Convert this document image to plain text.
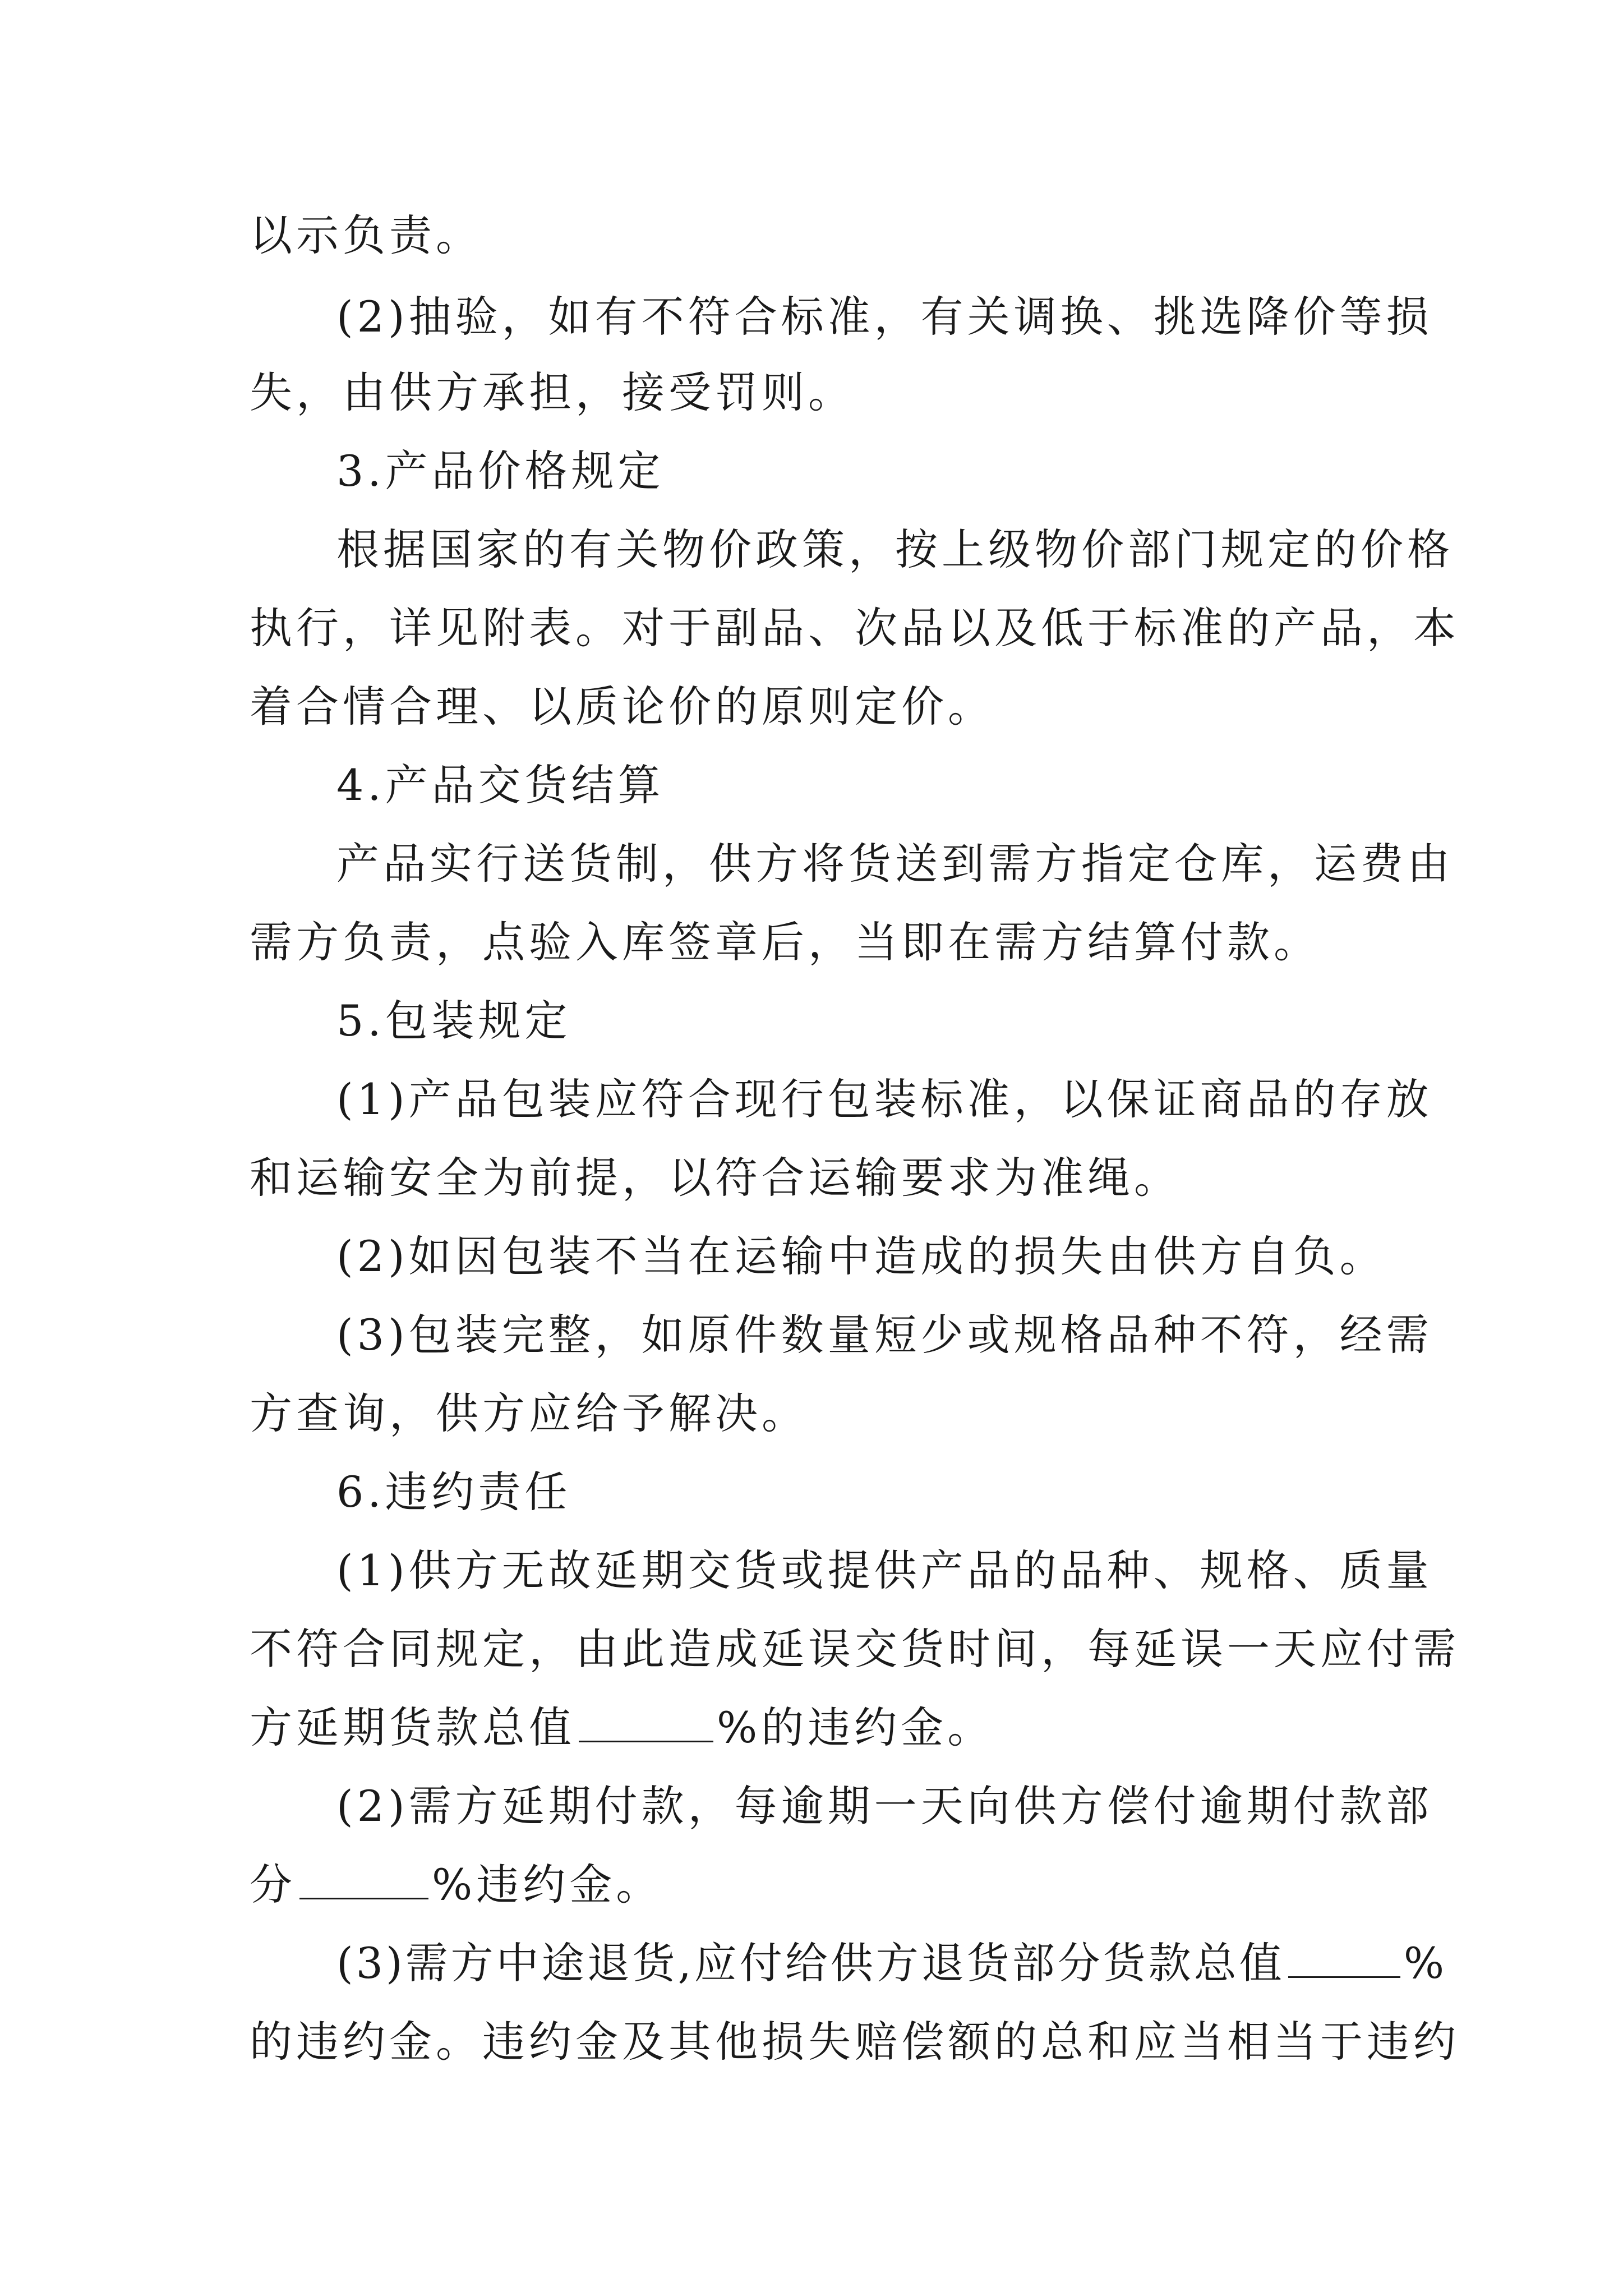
以示负责。
(2)抽验，如有不符合标准，有关调换、挑选降价等损
失，由供方承担，接受罚则。
3.产品价格规定
根据国家的有关物价政策，按上级物价部门规定的价格
执行，详见附表。对于副品、次品以及低于标准的产品，本
着合情合理、以质论价的原则定价。
4.产品交货结算
产品实行送货制，供方将货送到需方指定仓库，运费由
需方负责，点验入库签章后，当即在需方结算付款。
5.包装规定
(1)产品包装应符合现行包装标准，以保证商品的存放
和运输安全为前提，以符合运输要求为准绳。
(2)如因包装不当在运输中造成的损失由供方自负。
(3)包装完整，如原件数量短少或规格品种不符，经需
方查询，供方应给予解决。
6.违约责任
(1)供方无故延期交货或提供产品的品种、规格、质量
不符合同规定，由此造成延误交货时间，每延误一天应付需
方延期货款总值	%的违约金。
(2)需方延期付款，每逾期一天向供方偿付逾期付款部
分	%违约金。
(3)需方中途退货,应付给供方退货部分货款总值	%
的违约金。违约金及其他损失赔偿额的总和应当相当于违约
